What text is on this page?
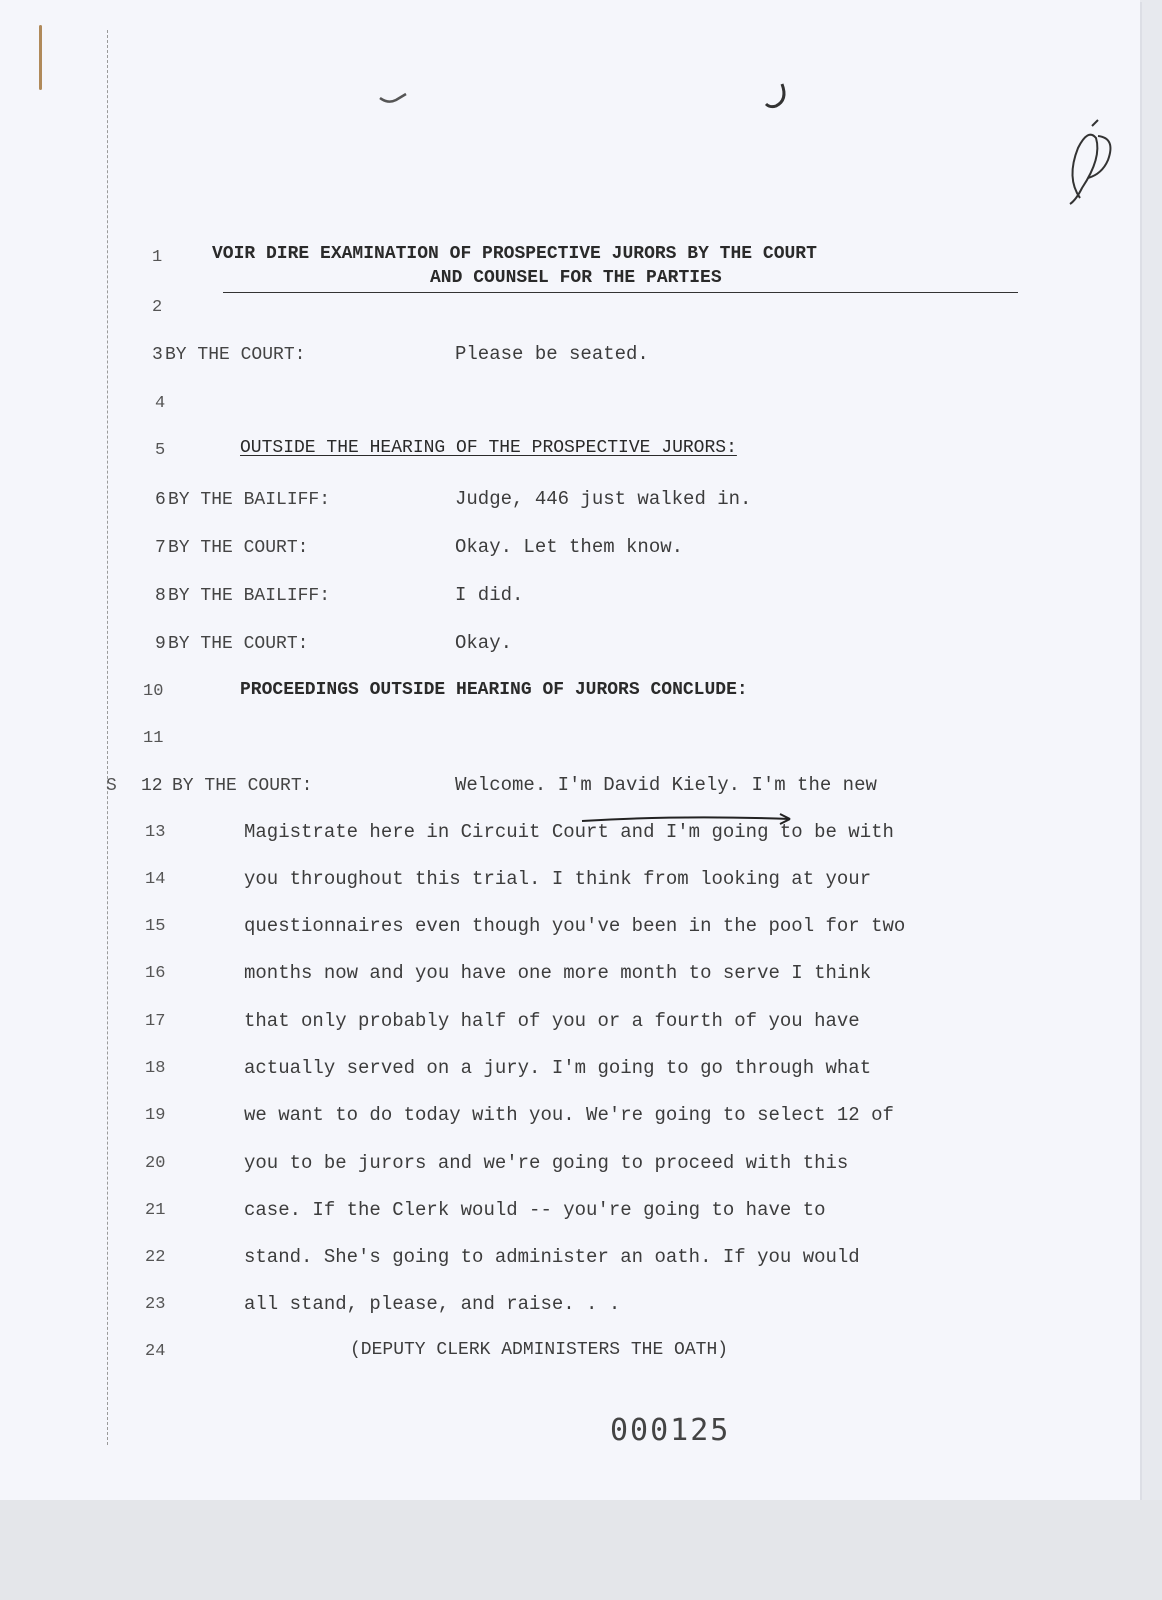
1	VOIR DIRE EXAMINATION OF PROSPECTIVE JURORS BY THE COURT
AND COUNSEL FOR THE PARTIES
2
3 BY THE COURT:	Please be seated.
4
5	OUTSIDE THE HEARING OF THE PROSPECTIVE JURORS:
6 BY THE BAILIFF:	Judge, 446 just walked in.
7 BY THE COURT:	Okay. Let them know.
8 BY THE BAILIFF:	I did.
9 BY THE COURT:	Okay.
10	PROCEEDINGS OUTSIDE HEARING OF JURORS CONCLUDE:
11
S 12 BY THE COURT:	Welcome. I'm David Kiely. I'm the new
13	Magistrate here in Circuit Court and I'm going to be with
14	you throughout this trial. I think from looking at your
15	questionnaires even though you've been in the pool for two
16	months now and you have one more month to serve I think
17	that only probably half of you or a fourth of you have
18	actually served on a jury. I'm going to go through what
19	we want to do today with you. We're going to select 12 of
20	you to be jurors and we're going to proceed with this
21	case. If the Clerk would -- you're going to have to
22	stand. She's going to administer an oath. If you would
23	all stand, please, and raise. . .
24	(DEPUTY CLERK ADMINISTERS THE OATH)
000125
